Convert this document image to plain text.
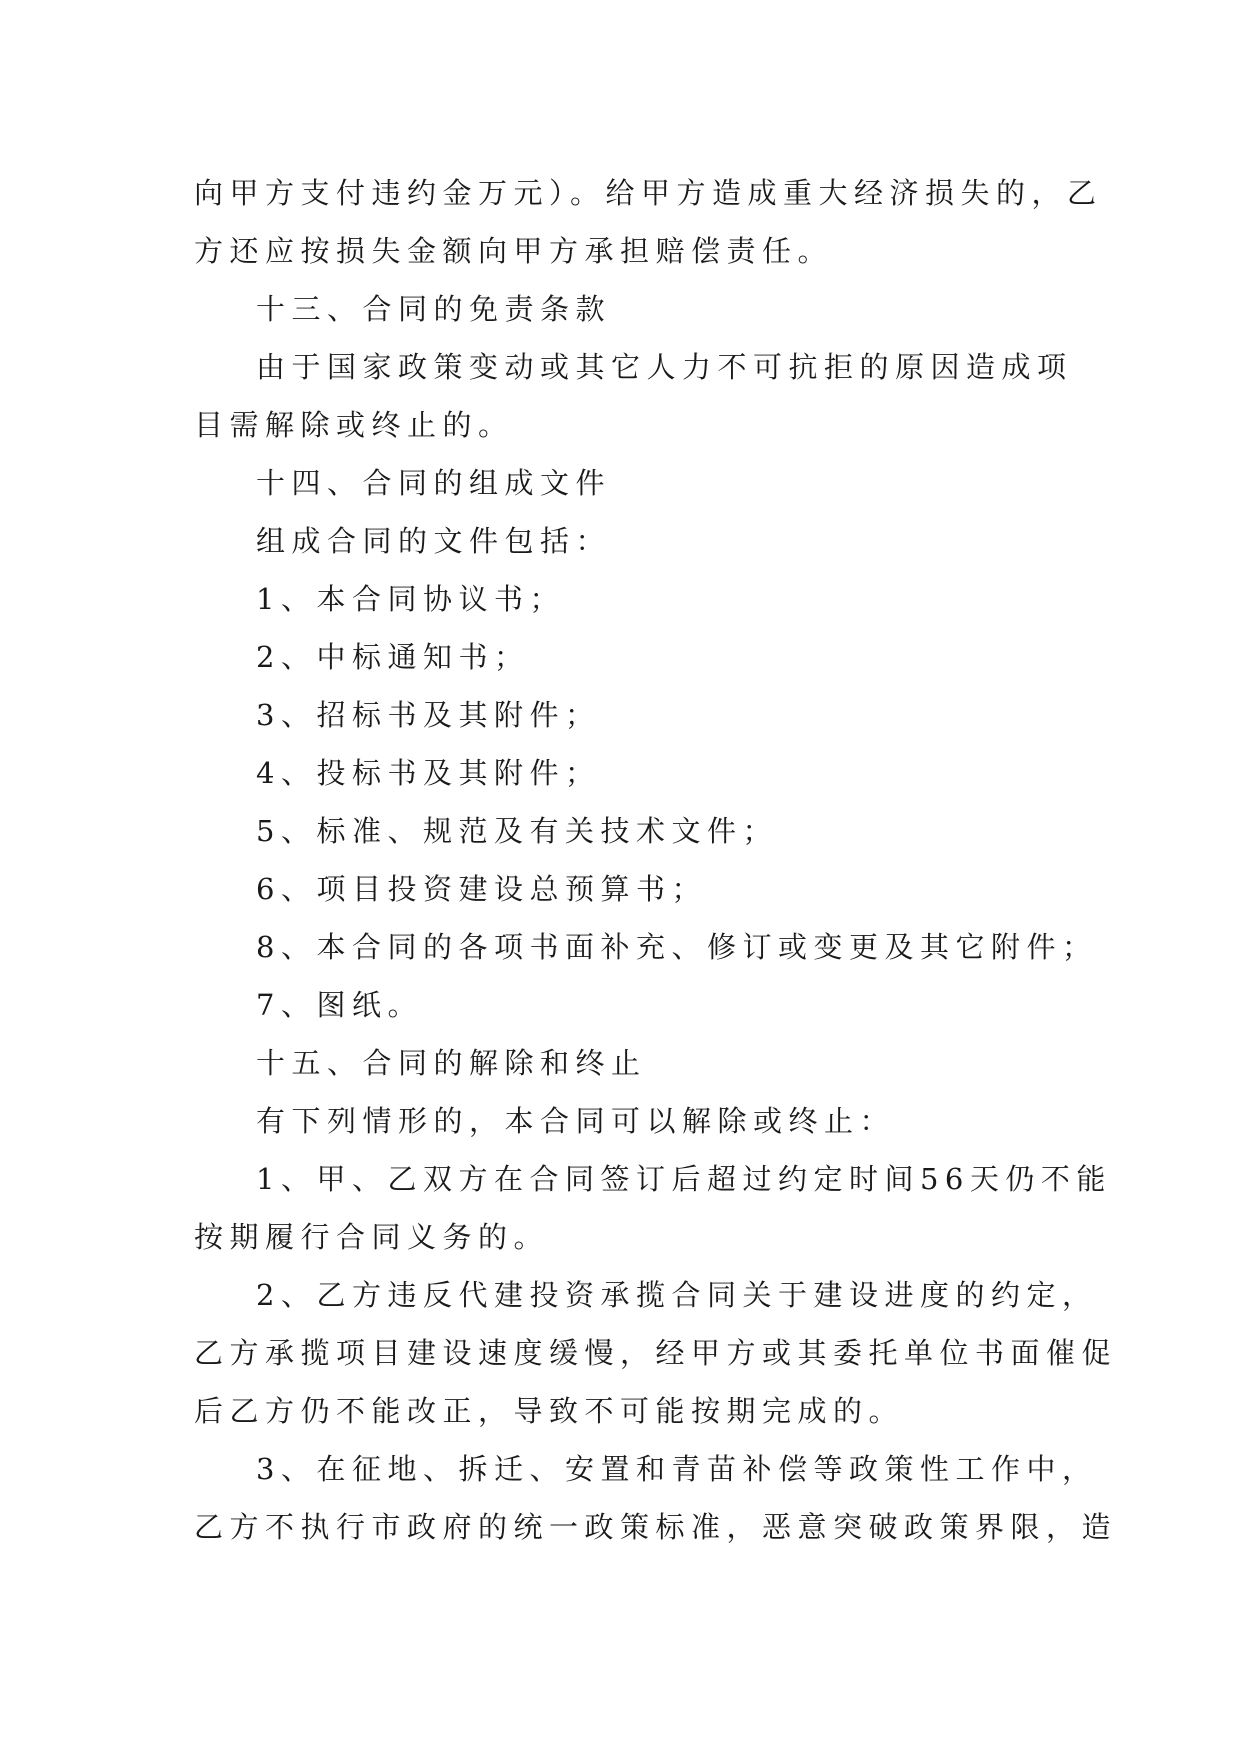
向甲方支付违约金万元）。给甲方造成重大经济损失的，乙
方还应按损失金额向甲方承担赔偿责任。
十三、合同的免责条款
由于国家政策变动或其它人力不可抗拒的原因造成项
目需解除或终止的。
十四、合同的组成文件
组成合同的文件包括：
1、本合同协议书；
2、中标通知书；
3、招标书及其附件；
4、投标书及其附件；
5、标准、规范及有关技术文件；
6、项目投资建设总预算书；
8、本合同的各项书面补充、修订或变更及其它附件；
7、图纸。
十五、合同的解除和终止
有下列情形的，本合同可以解除或终止：
1、甲、乙双方在合同签订后超过约定时间56天仍不能
按期履行合同义务的。
2、乙方违反代建投资承揽合同关于建设进度的约定，
乙方承揽项目建设速度缓慢，经甲方或其委托单位书面催促
后乙方仍不能改正，导致不可能按期完成的。
3、在征地、拆迁、安置和青苗补偿等政策性工作中，
乙方不执行市政府的统一政策标准，恶意突破政策界限，造
